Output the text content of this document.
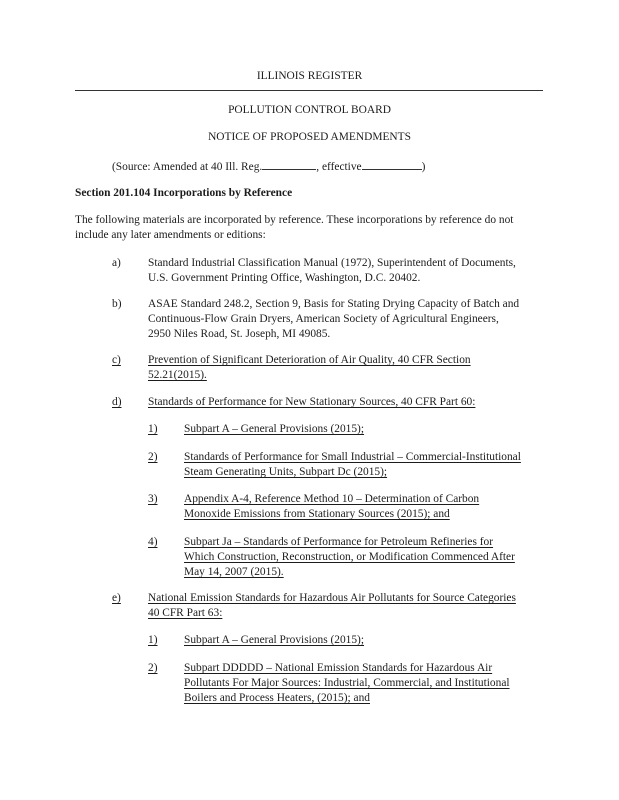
ILLINOIS REGISTER
POLLUTION CONTROL BOARD
NOTICE OF PROPOSED AMENDMENTS
(Source: Amended at 40 Ill. Reg.	, effective	)
Section 201.104 Incorporations by Reference
The following materials are incorporated by reference. These incorporations by reference do not
include any later amendments or editions:
a) Standard Industrial Classification Manual (1972), Superintendent of Documents,
U.S. Government Printing Office, Washington, D.C. 20402.
b) ASAE Standard 248.2, Section 9, Basis for Stating Drying Capacity of Batch and
Continuous-Flow Grain Dryers, American Society of Agricultural Engineers,
2950 Niles Road, St. Joseph, MI 49085.
c) Prevention of Significant Deterioration of Air Quality, 40 CFR Section
52.21(2015).
d) Standards of Performance for New Stationary Sources, 40 CFR Part 60:
1) Subpart A – General Provisions (2015);
2) Standards of Performance for Small Industrial – Commercial-Institutional
Steam Generating Units, Subpart Dc (2015);
3) Appendix A-4, Reference Method 10 – Determination of Carbon
Monoxide Emissions from Stationary Sources (2015); and
4) Subpart Ja – Standards of Performance for Petroleum Refineries for
Which Construction, Reconstruction, or Modification Commenced After
May 14, 2007 (2015).
e) National Emission Standards for Hazardous Air Pollutants for Source Categories
40 CFR Part 63:
1) Subpart A – General Provisions (2015);
2) Subpart DDDDD – National Emission Standards for Hazardous Air
Pollutants For Major Sources: Industrial, Commercial, and Institutional
Boilers and Process Heaters, (2015); and
